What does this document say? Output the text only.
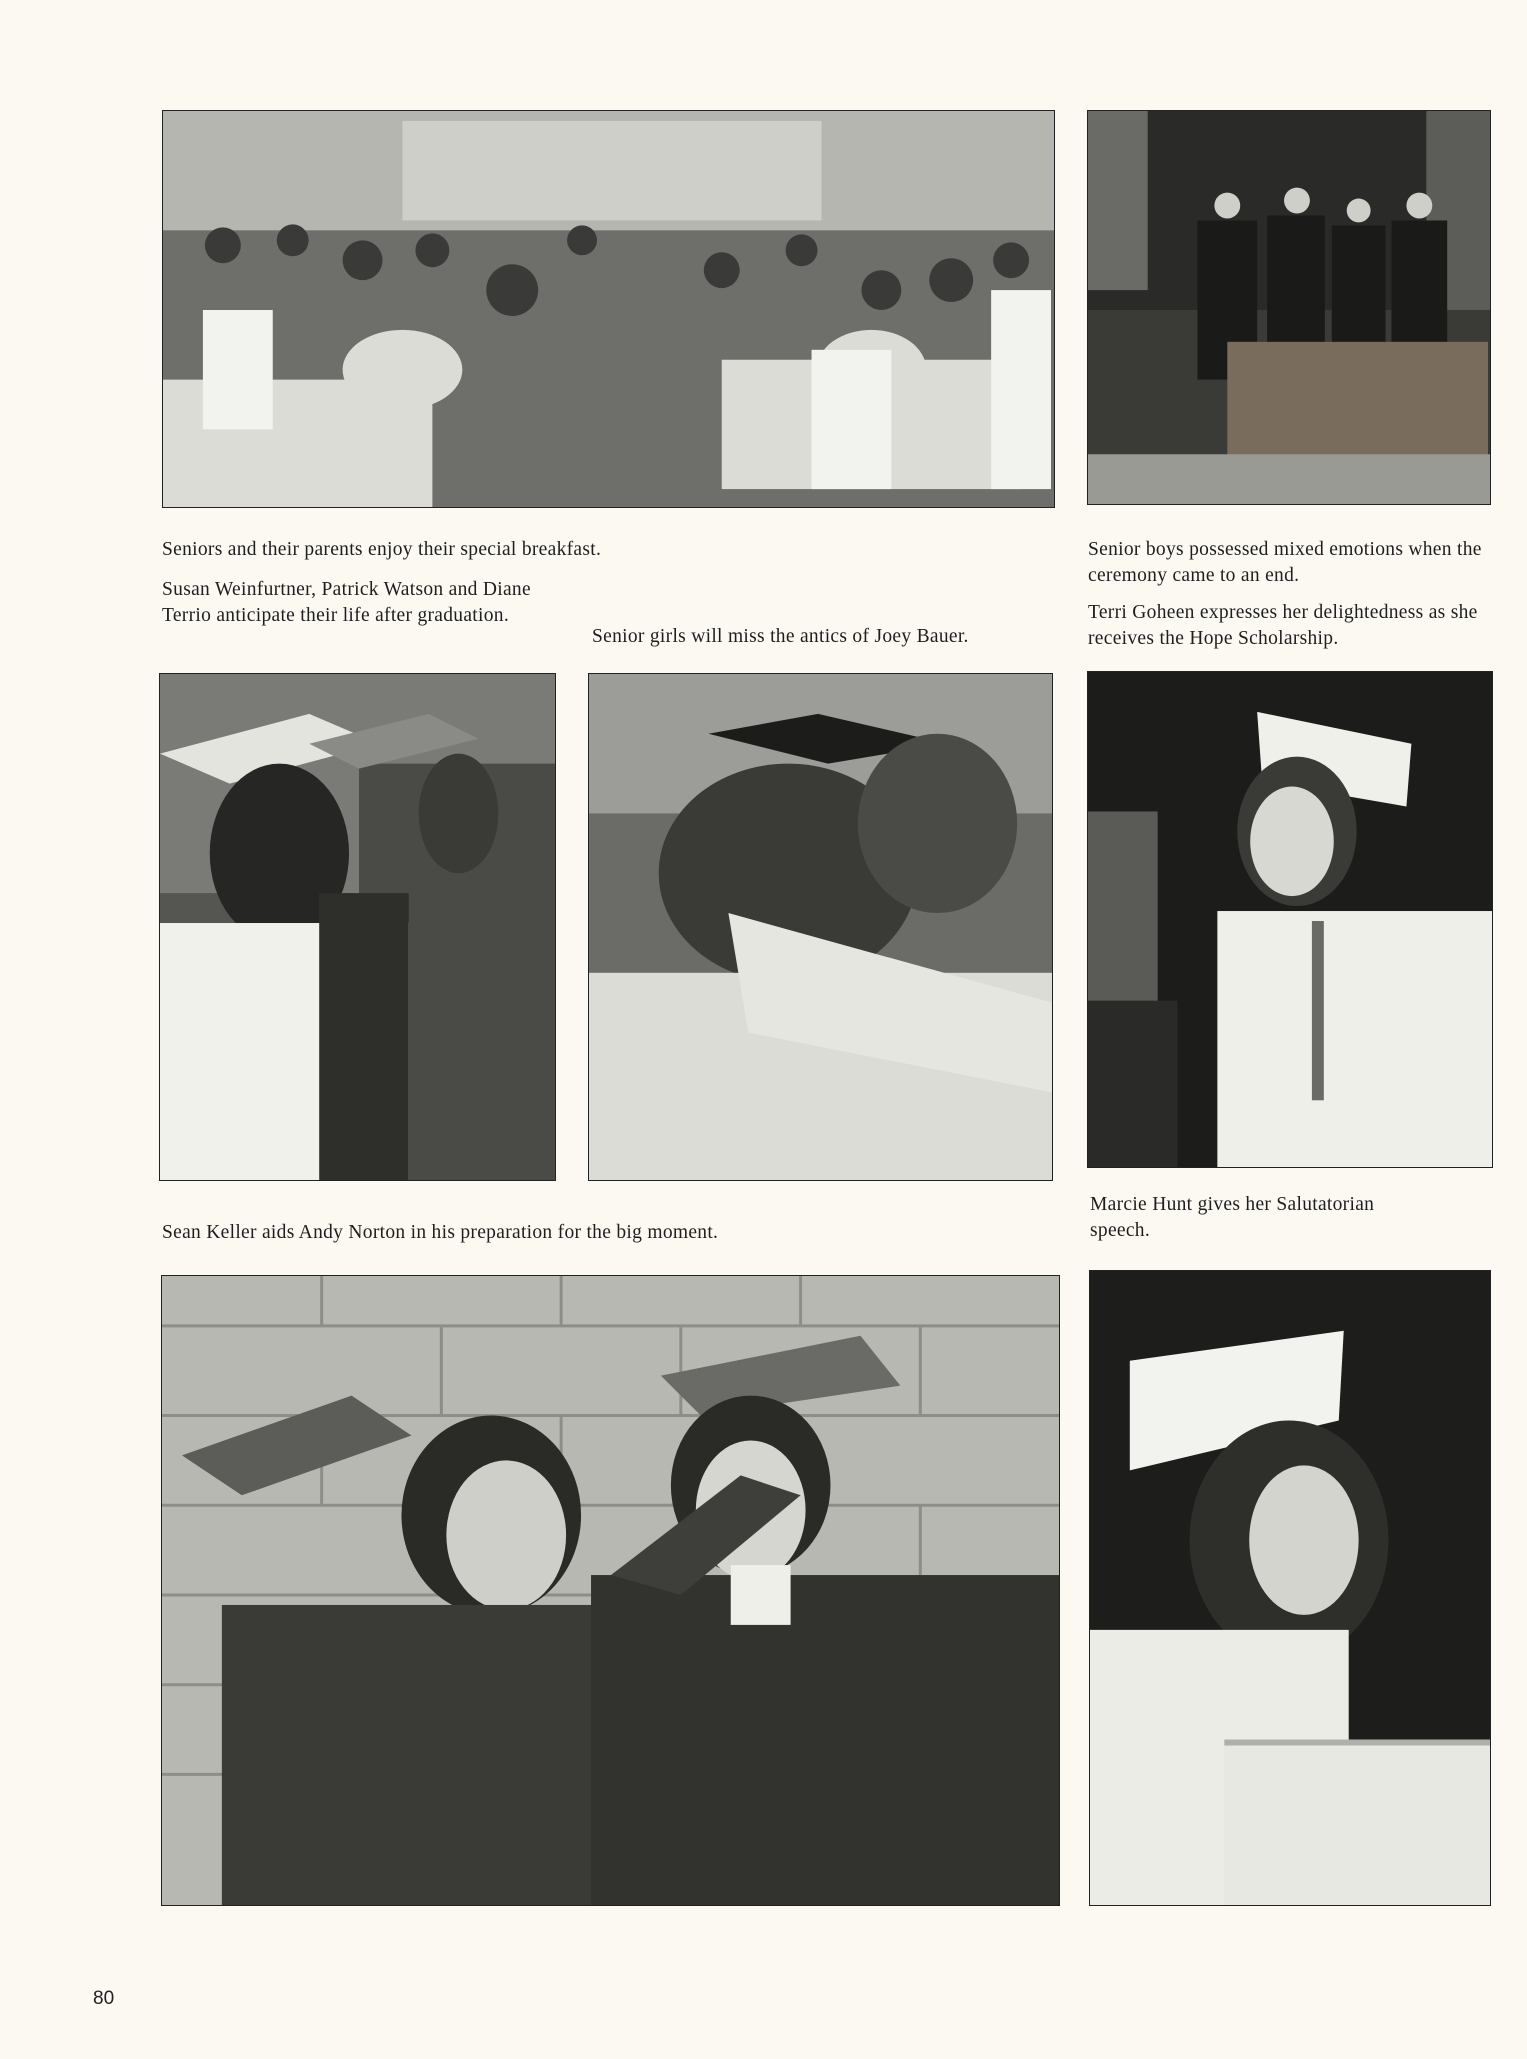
Seniors and their parents enjoy their special breakfast.

Susan Weinfurtner, Patrick Watson and Diane Terrio anticipate their life after graduation.

Senior girls will miss the antics of Joey Bauer.

Senior boys possessed mixed emotions when the ceremony came to an end.

Terri Goheen expresses her delightedness as she receives the Hope Scholarship.

Sean Keller aids Andy Norton in his preparation for the big moment.

Marcie Hunt gives her Salutatorian speech.

80
